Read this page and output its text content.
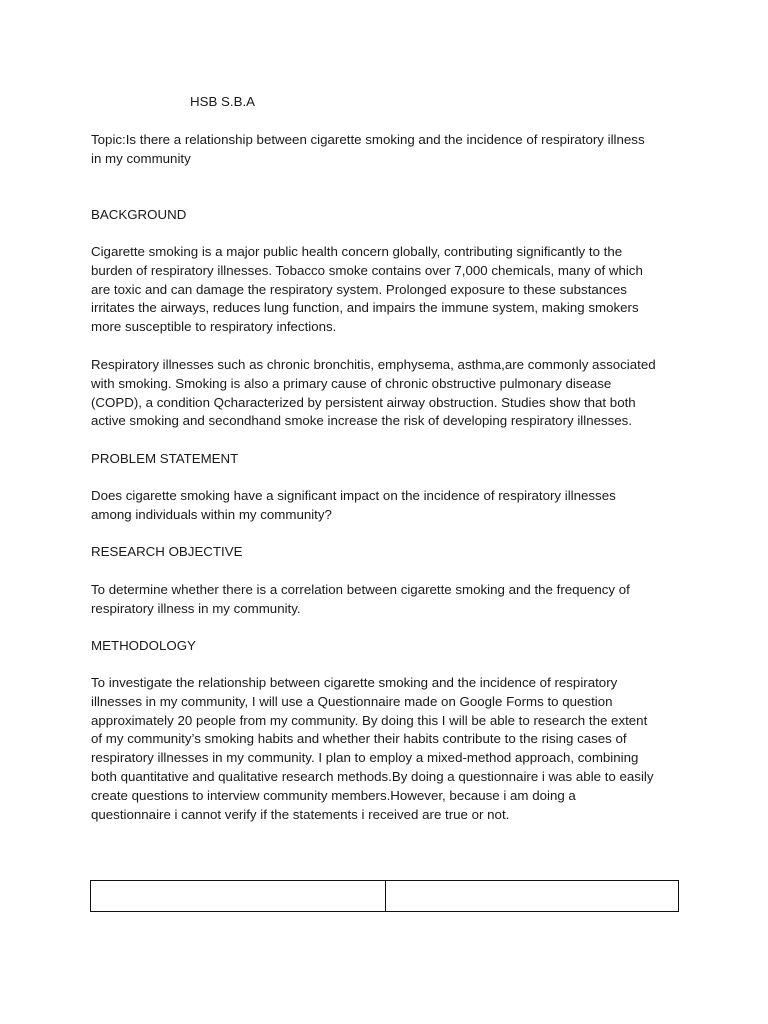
HSB S.B.A
Topic:Is there a relationship between cigarette smoking and the incidence of respiratory illness
in my community
BACKGROUND
Cigarette smoking is a major public health concern globally, contributing significantly to the
burden of respiratory illnesses. Tobacco smoke contains over 7,000 chemicals, many of which
are toxic and can damage the respiratory system. Prolonged exposure to these substances
irritates the airways, reduces lung function, and impairs the immune system, making smokers
more susceptible to respiratory infections.
Respiratory illnesses such as chronic bronchitis, emphysema, asthma,are commonly associated
with smoking. Smoking is also a primary cause of chronic obstructive pulmonary disease
(COPD), a condition Qcharacterized by persistent airway obstruction. Studies show that both
active smoking and secondhand smoke increase the risk of developing respiratory illnesses.
PROBLEM STATEMENT
Does cigarette smoking have a significant impact on the incidence of respiratory illnesses
among individuals within my community?
RESEARCH OBJECTIVE
To determine whether there is a correlation between cigarette smoking and the frequency of
respiratory illness in my community.
METHODOLOGY
To investigate the relationship between cigarette smoking and the incidence of respiratory
illnesses in my community, I will use a Questionnaire made on Google Forms to question
approximately 20 people from my community. By doing this I will be able to research the extent
of my community’s smoking habits and whether their habits contribute to the rising cases of
respiratory illnesses in my community. I plan to employ a mixed-method approach, combining
both quantitative and qualitative research methods.By doing a questionnaire i was able to easily
create questions to interview community members.However, because i am doing a
questionnaire i cannot verify if the statements i received are true or not.
